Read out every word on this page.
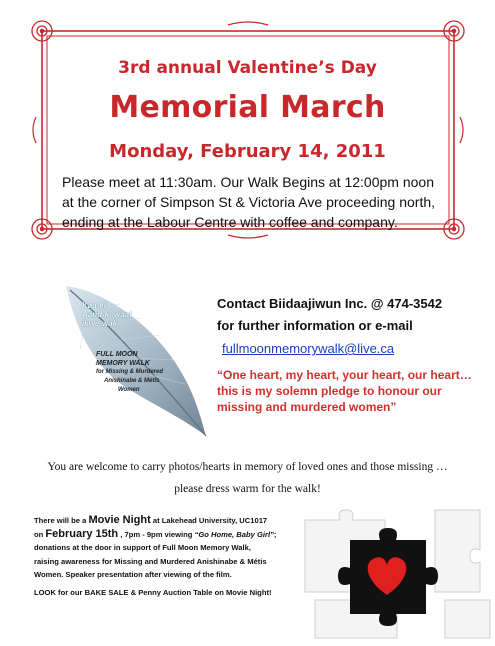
3rd annual Valentine’s Day
Memorial March
Monday, February 14, 2011
Please meet at 11:30am. Our Walk Begins at 12:00pm noon at the corner of Simpson St & Victoria Ave proceeding north, ending at the Labour Centre with coffee and company.
Kaa-ki
Aand-ki-waat
ikwe-wak
FULL MOON
MEMORY WALK
for Missing & Murdered
Anishinabe & Métis
Women
Contact Biidaajiwun Inc. @ 474-3542
for further information or e-mail
fullmoonmemorywalk@live.ca
“One heart, my heart, your heart, our heart…this is my solemn pledge to honour our missing and murdered women”
You are welcome to carry photos/hearts in memory of loved ones and those missing …
please dress warm for the walk!

There will be a Movie Night at Lakehead University, UC1017

on February 15th , 7pm - 9pm viewing “Go Home, Baby Girl”;

donations at the door in support of Full Moon Memory Walk,

raising awareness for Missing and Murdered Anishinabe & Métis

Women. Speaker presentation after viewing of the film.

LOOK for our BAKE SALE & Penny Auction Table on Movie Night!
